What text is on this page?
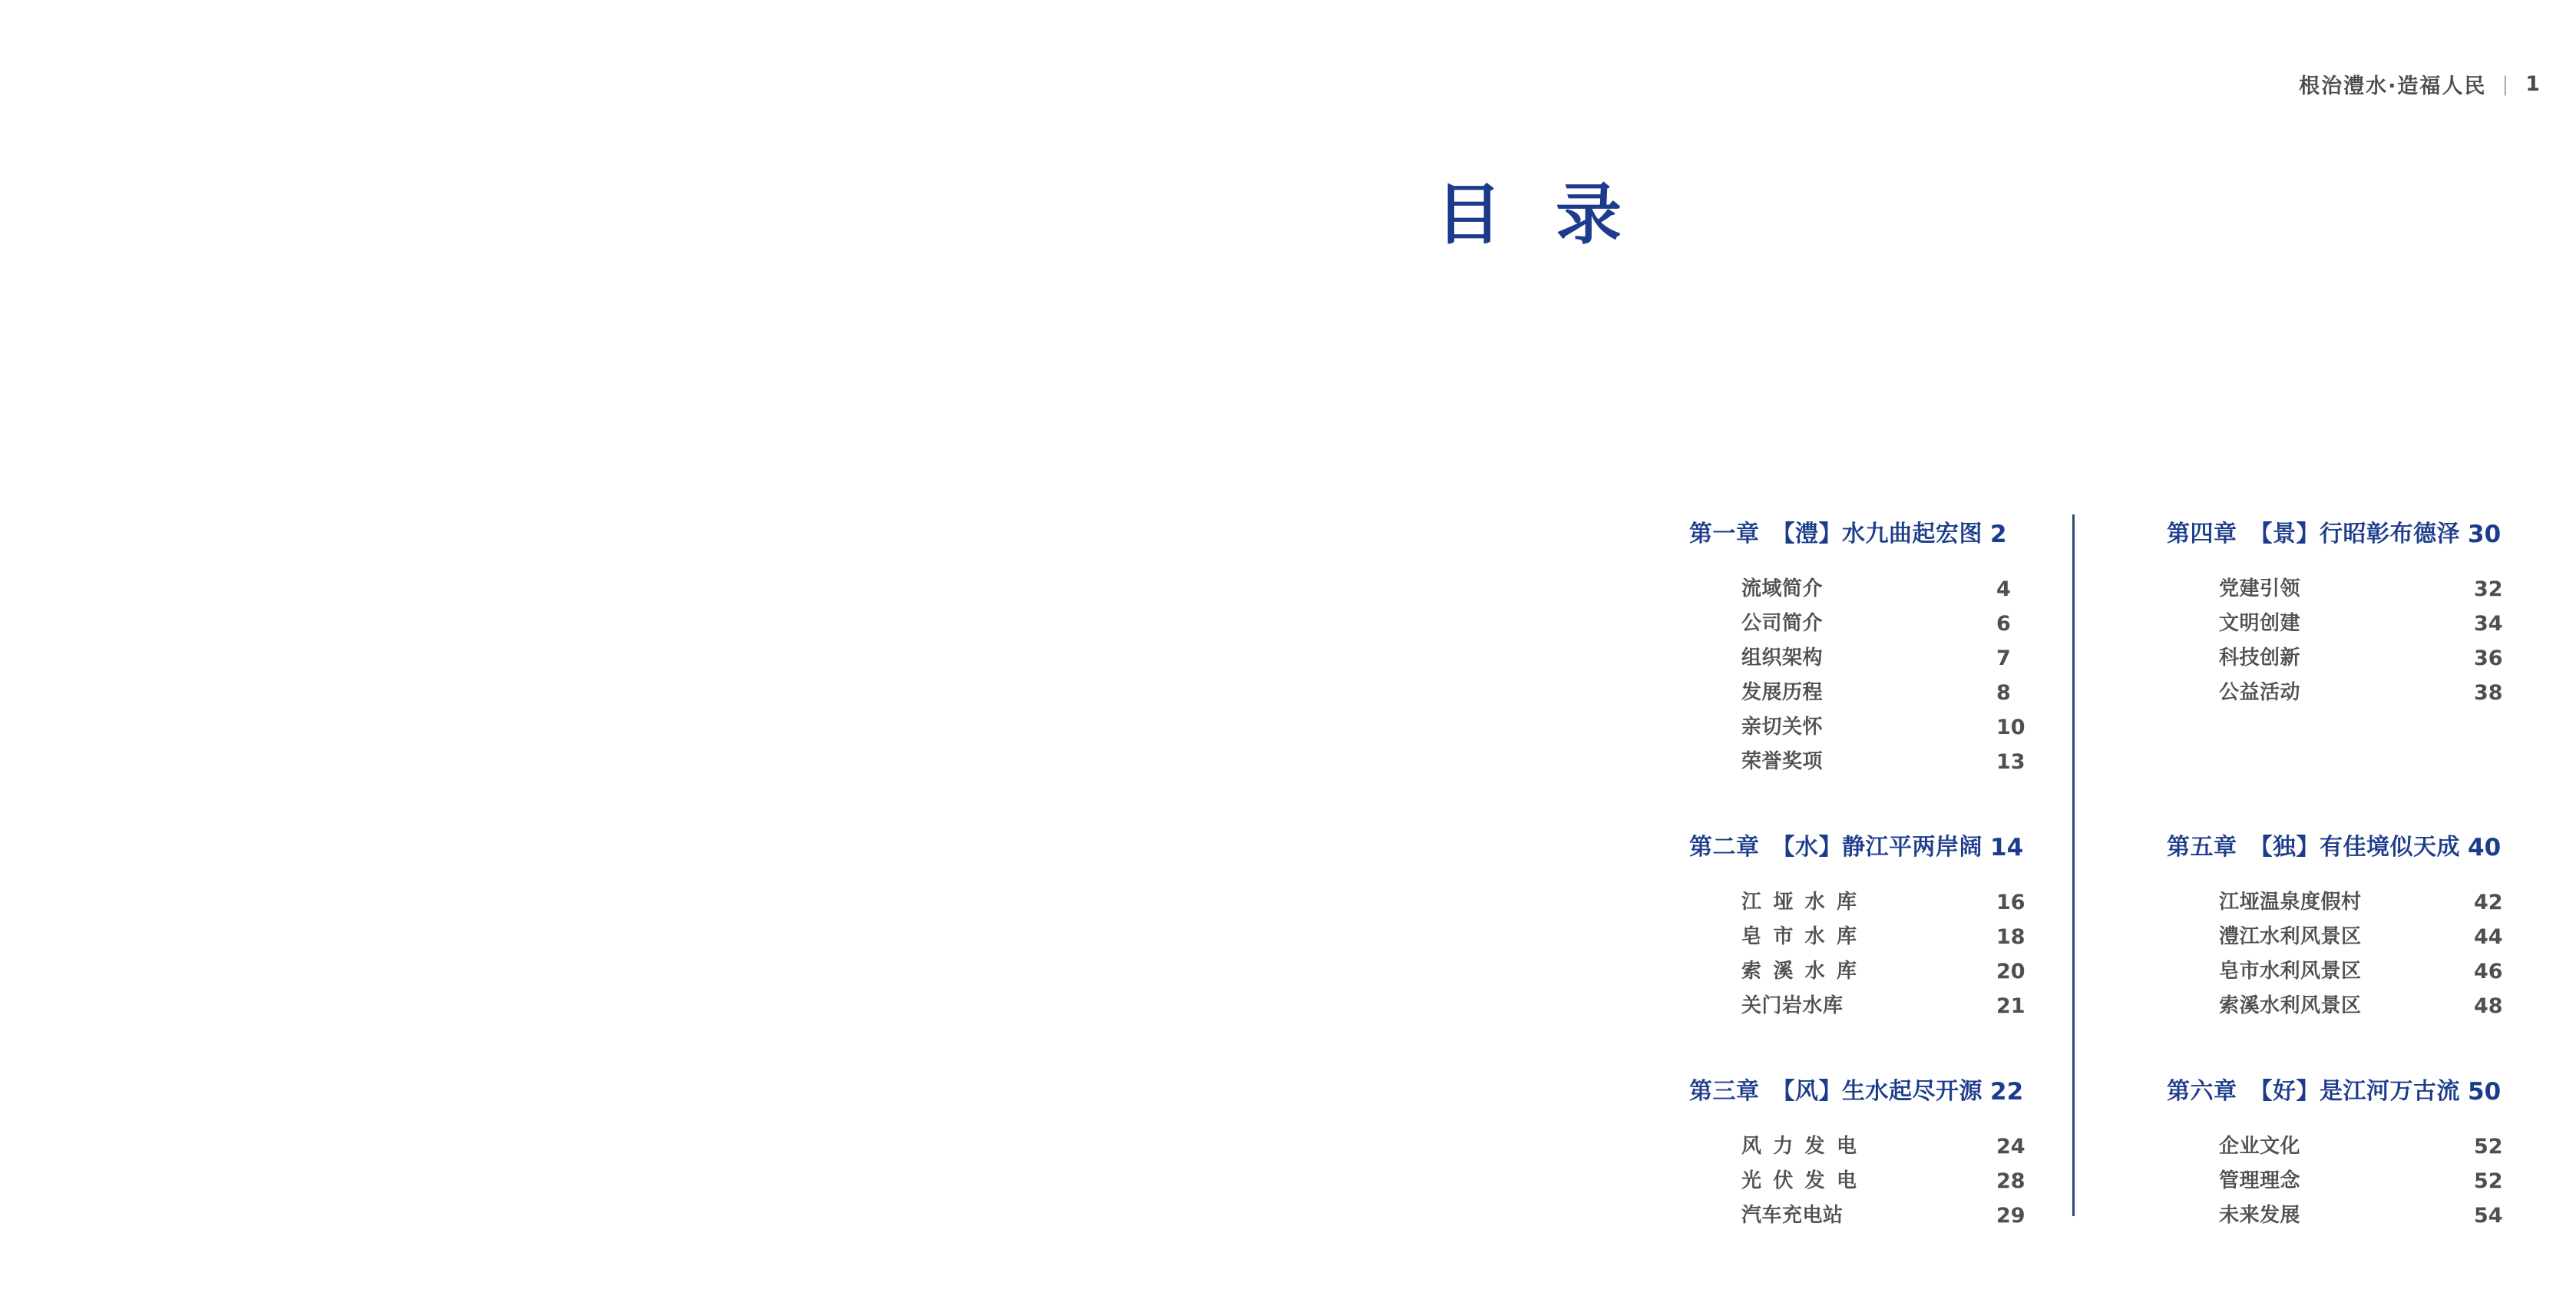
根治澧水·造福人民 | 1
目 录
第一章 【澧】水九曲起宏图 2
流域简介	4
公司简介	6
组织架构	7
发展历程	8
亲切关怀	10
荣誉奖项	13
第二章 【水】静江平两岸阔 14
江垭水库	16
皂市水库	18
索溪水库	20
关门岩水库	21
第三章 【风】生水起尽开源 22
风力发电	24
光伏发电	28
汽车充电站	29
第四章 【景】行昭彰布德泽 30
党建引领	32
文明创建	34
科技创新	36
公益活动	38
第五章 【独】有佳境似天成 40
江垭温泉度假村	42
澧江水利风景区	44
皂市水利风景区	46
索溪水利风景区	48
第六章 【好】是江河万古流 50
企业文化	52
管理理念	52
未来发展	54
